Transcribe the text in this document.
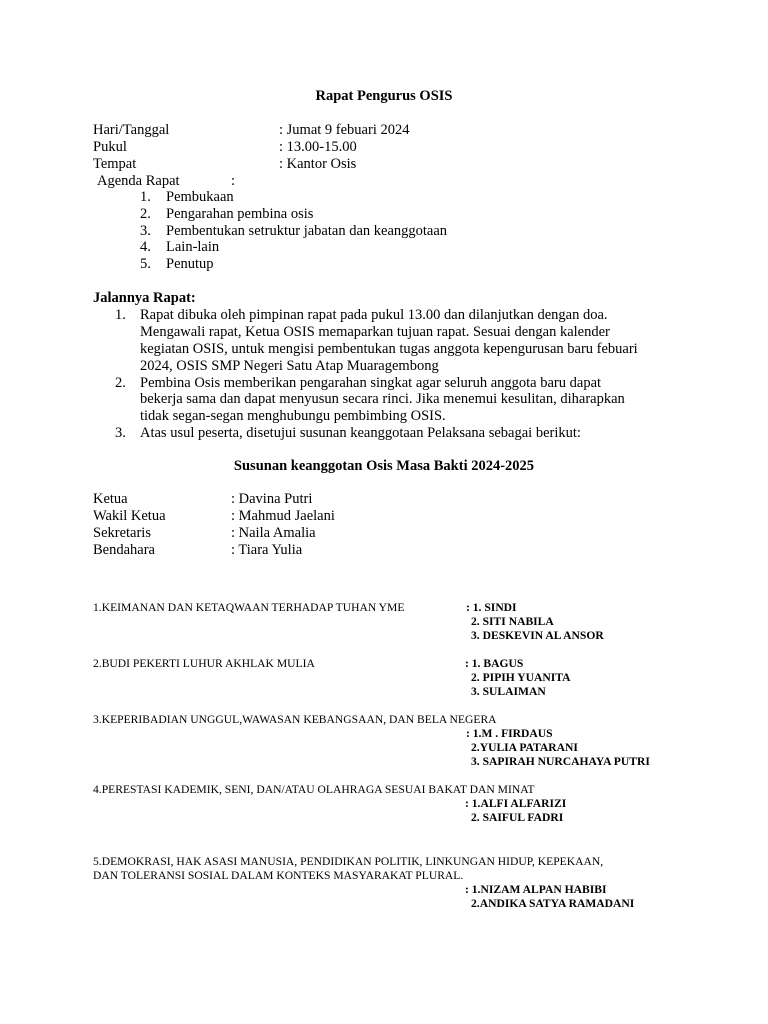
Rapat Pengurus OSIS
Hari/Tanggal	: Jumat 9 febuari 2024
Pukul	: 13.00-15.00
Tempat	: Kantor Osis
Agenda Rapat	:
1. Pembukaan
2. Pengarahan pembina osis
3. Pembentukan setruktur jabatan dan keanggotaan
4. Lain-lain
5. Penutup
Jalannya Rapat:
1. Rapat dibuka oleh pimpinan rapat pada pukul 13.00 dan dilanjutkan dengan doa.
Mengawali rapat, Ketua OSIS memaparkan tujuan rapat. Sesuai dengan kalender
kegiatan OSIS, untuk mengisi pembentukan tugas anggota kepengurusan baru febuari
2024, OSIS SMP Negeri Satu Atap Muaragembong
2. Pembina Osis memberikan pengarahan singkat agar seluruh anggota baru dapat
bekerja sama dan dapat menyusun secara rinci. Jika menemui kesulitan, diharapkan
tidak segan-segan menghubungu pembimbing OSIS.
3. Atas usul peserta, disetujui susunan keanggotaan Pelaksana sebagai berikut:
Susunan keanggotan Osis Masa Bakti 2024-2025
Ketua	: Davina Putri
Wakil Ketua	: Mahmud Jaelani
Sekretaris	: Naila Amalia
Bendahara	: Tiara Yulia
1.KEIMANAN DAN KETAQWAAN TERHADAP TUHAN YME	: 1. SINDI
2. SITI NABILA
3. DESKEVIN AL ANSOR
2.BUDI PEKERTI LUHUR AKHLAK MULIA	: 1. BAGUS
2. PIPIH YUANITA
3. SULAIMAN
3.KEPERIBADIAN UNGGUL,WAWASAN KEBANGSAAN, DAN BELA NEGERA
: 1.M . FIRDAUS
2.YULIA PATARANI
3. SAPIRAH NURCAHAYA PUTRI
4.PERESTASI KADEMIK, SENI, DAN/ATAU OLAHRAGA SESUAI BAKAT DAN MINAT
: 1.ALFI ALFARIZI
2. SAIFUL FADRI
5.DEMOKRASI, HAK ASASI MANUSIA, PENDIDIKAN POLITIK, LINKUNGAN HIDUP, KEPEKAAN,
DAN TOLERANSI SOSIAL DALAM KONTEKS MASYARAKAT PLURAL.
: 1.NIZAM ALPAN HABIBI
2.ANDIKA SATYA RAMADANI
